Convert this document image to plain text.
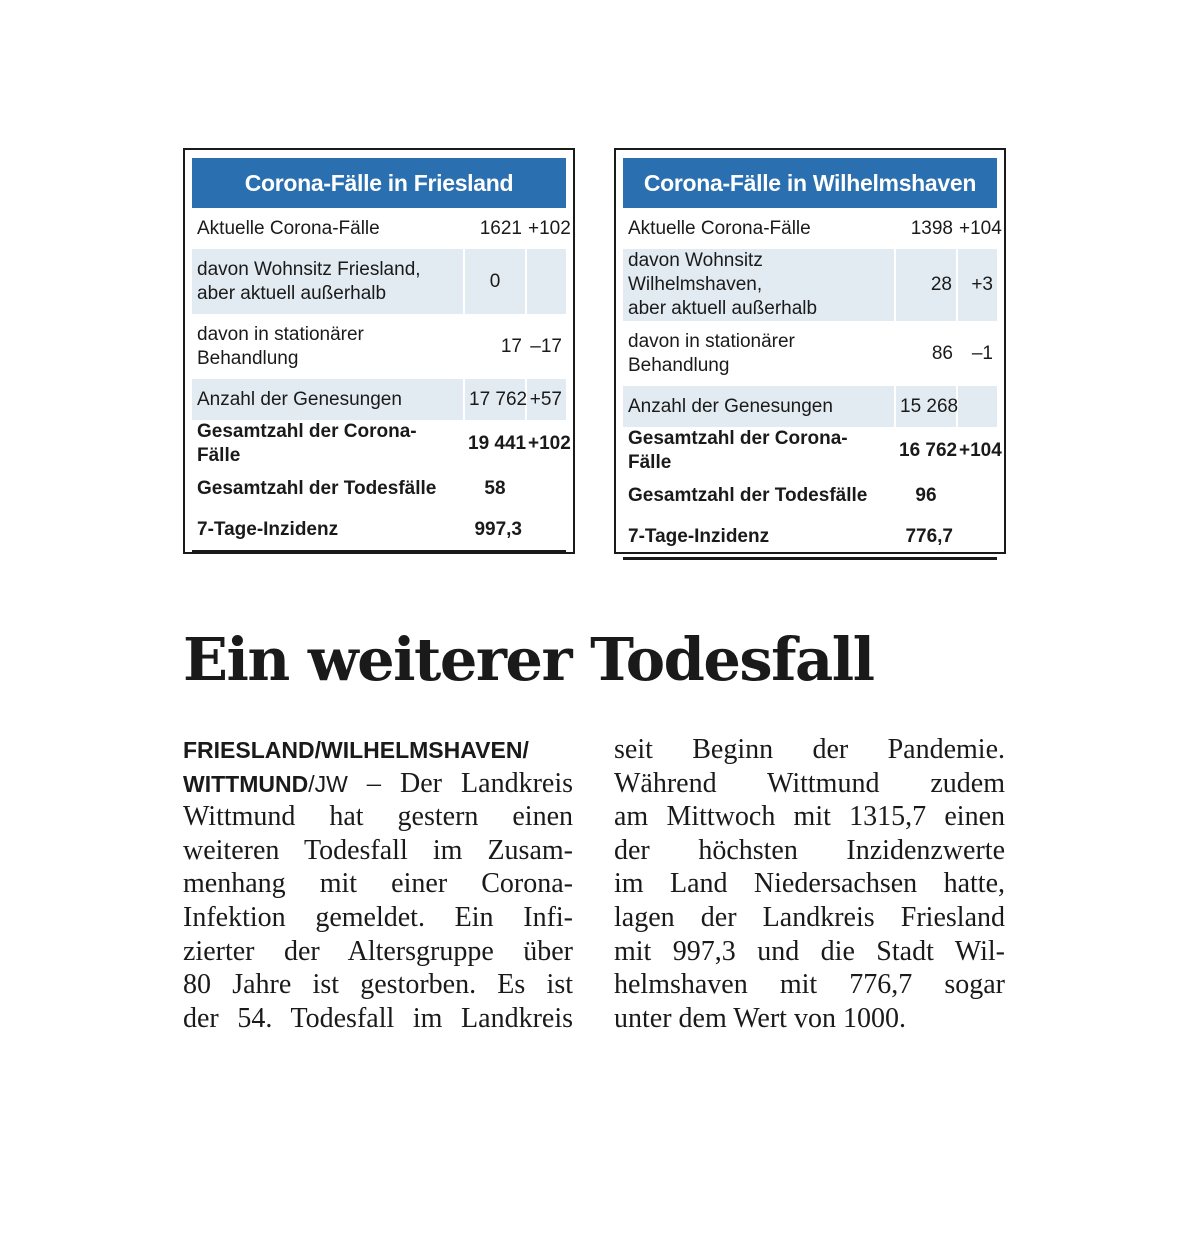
Corona-Fälle in Friesland
Aktuelle Corona-Fälle	1621	+102
davon Wohnsitz Friesland,
aber aktuell außerhalb	0	
davon in stationärer
Behandlung	17	–17
Anzahl der Genesungen	17 762	+57
Gesamtzahl der Corona-Fälle	19 441	+102
Gesamtzahl der Todesfälle	58	
7-Tage-Inzidenz	997,3	
Corona-Fälle in Wilhelmshaven
Aktuelle Corona-Fälle	1398	+104
davon Wohnsitz Wilhelmshaven,
aber aktuell außerhalb	28	+3
davon in stationärer
Behandlung	86	–1
Anzahl der Genesungen	15 268	
Gesamtzahl der Corona-Fälle	16 762	+104
Gesamtzahl der Todesfälle	96	
7-Tage-Inzidenz	776,7	
Ein weiterer Todesfall
FRIESLAND/WILHELMSHAVEN/
WITTMUND/JW – Der Landkreis
Wittmund hat gestern einen
weiteren Todesfall im Zusam-
menhang mit einer Corona-
Infektion gemeldet. Ein Infi-
zierter der Altersgruppe über
80 Jahre ist gestorben. Es ist
der 54. Todesfall im Landkreis
seit Beginn der Pandemie.
Während Wittmund zudem
am Mittwoch mit 1315,7 einen
der höchsten Inzidenzwerte
im Land Niedersachsen hatte,
lagen der Landkreis Friesland
mit 997,3 und die Stadt Wil-
helmshaven mit 776,7 sogar
unter dem Wert von 1000.
